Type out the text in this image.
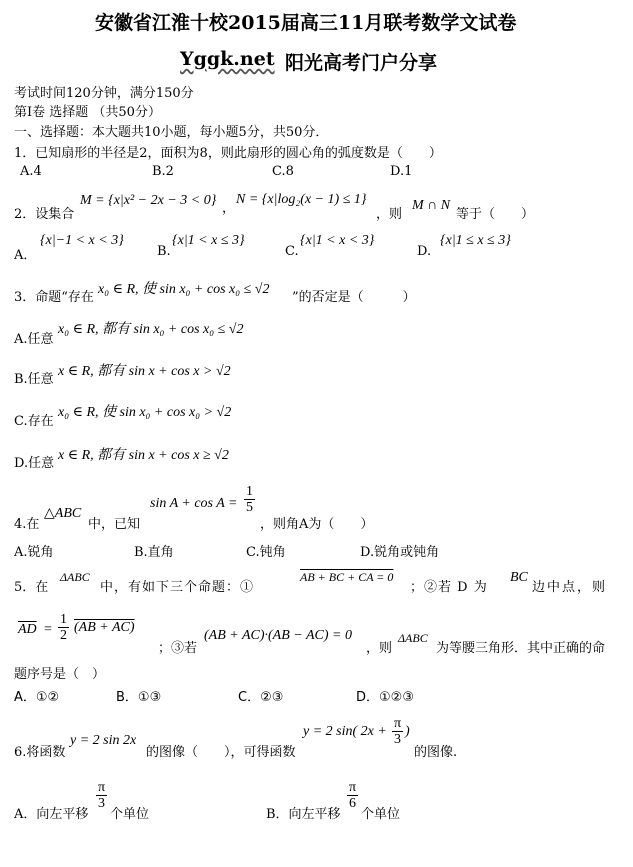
安徽省江淮十校2015届高三11月联考数学文试卷
Yggk.net 阳光高考门户分享
考试时间120分钟，满分150分
第Ⅰ卷 选择题 （共50分）
一、选择题：本大题共10小题，每小题5分，共50分．
1．已知扇形的半径是2，面积为8，则此扇形的圆心角的弧度数是（　　）
A.4	B.2	C.8	D.1
2．设集合
M = {x|x² − 2x − 3 < 0}
，
N = {x|log₂(x − 1) ≤ 1}
，则
M ∩ N
等于（　　）
A．
{x|−1 < x < 3}
B.
{x|1 < x ≤ 3}
C.
{x|1 < x < 3}
D.
{x|1 ≤ x ≤ 3}
3．命题“存在
x₀ ∈ R, 使 sin x₀ + cos x₀ ≤ √2
”的否定是（　　　）
A.任意
x₀ ∈ R, 都有 sin x₀ + cos x₀ ≤ √2
B.任意
x ∈ R, 都有 sin x + cos x > √2
C.存在
x₀ ∈ R, 使 sin x₀ + cos x₀ > √2
D.任意
x ∈ R, 都有 sin x + cos x ≥ √2
4.在
△ABC
中，已知
$\sin A + \cos A = \frac{1}{5}$
，则角A为（　　）
A.锐角	B.直角	C.钝角	D.锐角或钝角
5．在
ΔABC
中，有如下三个命题：①
AB + BC + CA = 0
；②若 D 为
BC
边中点，则
$\overline{AD} = \frac{1}{2} (AB + AC)$
；③若
(AB + AC)·(AB − AC) = 0
，则
ΔABC
为等腰三角形．其中正确的命
题序号是（　）
A．①②	B．①③	C．②③	D．①②③
6.将函数
y = 2 sin 2x
的图像（　　），可得函数
y = 2 sin( $2x + \frac{\pi}{3}$ )
的图像.
A．向左平移
$\frac{\pi}{3}$
个单位	B．向左平移
$\frac{\pi}{6}$
个单位
